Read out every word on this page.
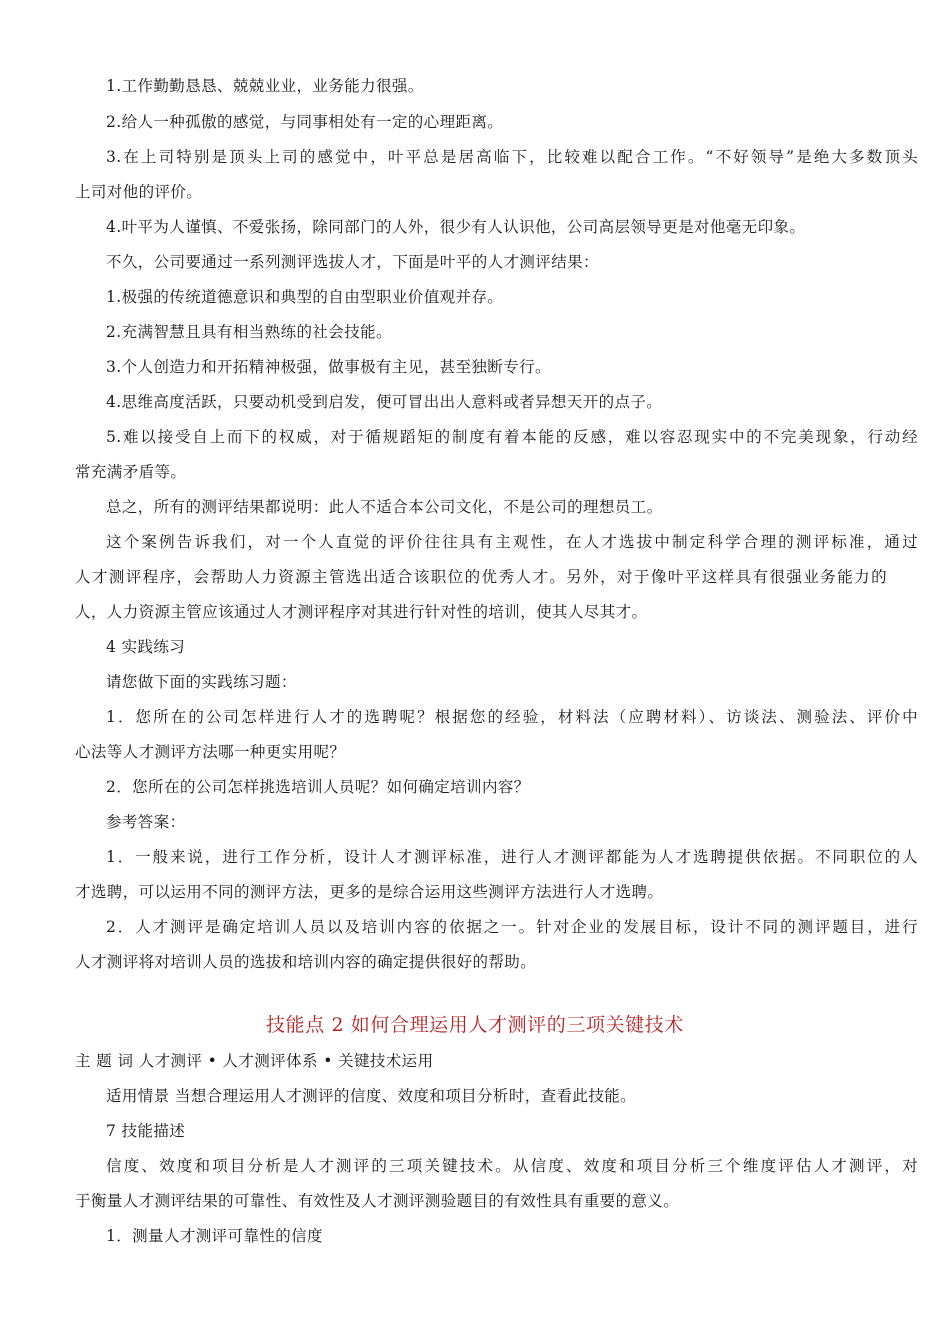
1.工作勤勤恳恳、兢兢业业，业务能力很强。
2.给人一种孤傲的感觉，与同事相处有一定的心理距离。
3.在上司特别是顶头上司的感觉中，叶平总是居高临下，比较难以配合工作。“不好领导”是绝大多数顶头
上司对他的评价。
4.叶平为人谨慎、不爱张扬，除同部门的人外，很少有人认识他，公司高层领导更是对他毫无印象。
不久，公司要通过一系列测评选拔人才，下面是叶平的人才测评结果：
1.极强的传统道德意识和典型的自由型职业价值观并存。
2.充满智慧且具有相当熟练的社会技能。
3.个人创造力和开拓精神极强，做事极有主见，甚至独断专行。
4.思维高度活跃，只要动机受到启发，便可冒出出人意料或者异想天开的点子。
5.难以接受自上而下的权威，对于循规蹈矩的制度有着本能的反感，难以容忍现实中的不完美现象，行动经
常充满矛盾等。
总之，所有的测评结果都说明：此人不适合本公司文化，不是公司的理想员工。
这个案例告诉我们，对一个人直觉的评价往往具有主观性，在人才选拔中制定科学合理的测评标准，通过
人才测评程序，会帮助人力资源主管选出适合该职位的优秀人才。另外，对于像叶平这样具有很强业务能力的
人，人力资源主管应该通过人才测评程序对其进行针对性的培训，使其人尽其才。
4 实践练习
请您做下面的实践练习题：
1．您所在的公司怎样进行人才的选聘呢？根据您的经验，材料法（应聘材料）、访谈法、测验法、评价中
心法等人才测评方法哪一种更实用呢？
2．您所在的公司怎样挑选培训人员呢？如何确定培训内容？
参考答案：
1．一般来说，进行工作分析，设计人才测评标准，进行人才测评都能为人才选聘提供依据。不同职位的人
才选聘，可以运用不同的测评方法，更多的是综合运用这些测评方法进行人才选聘。
2．人才测评是确定培训人员以及培训内容的依据之一。针对企业的发展目标，设计不同的测评题目，进行
人才测评将对培训人员的选拔和培训内容的确定提供很好的帮助。
技能点 2 如何合理运用人才测评的三项关键技术
主 题 词 人才测评 • 人才测评体系 • 关键技术运用
适用情景 当想合理运用人才测评的信度、效度和项目分析时，查看此技能。
7 技能描述
信度、效度和项目分析是人才测评的三项关键技术。从信度、效度和项目分析三个维度评估人才测评，对
于衡量人才测评结果的可靠性、有效性及人才测评测验题目的有效性具有重要的意义。
1．测量人才测评可靠性的信度
